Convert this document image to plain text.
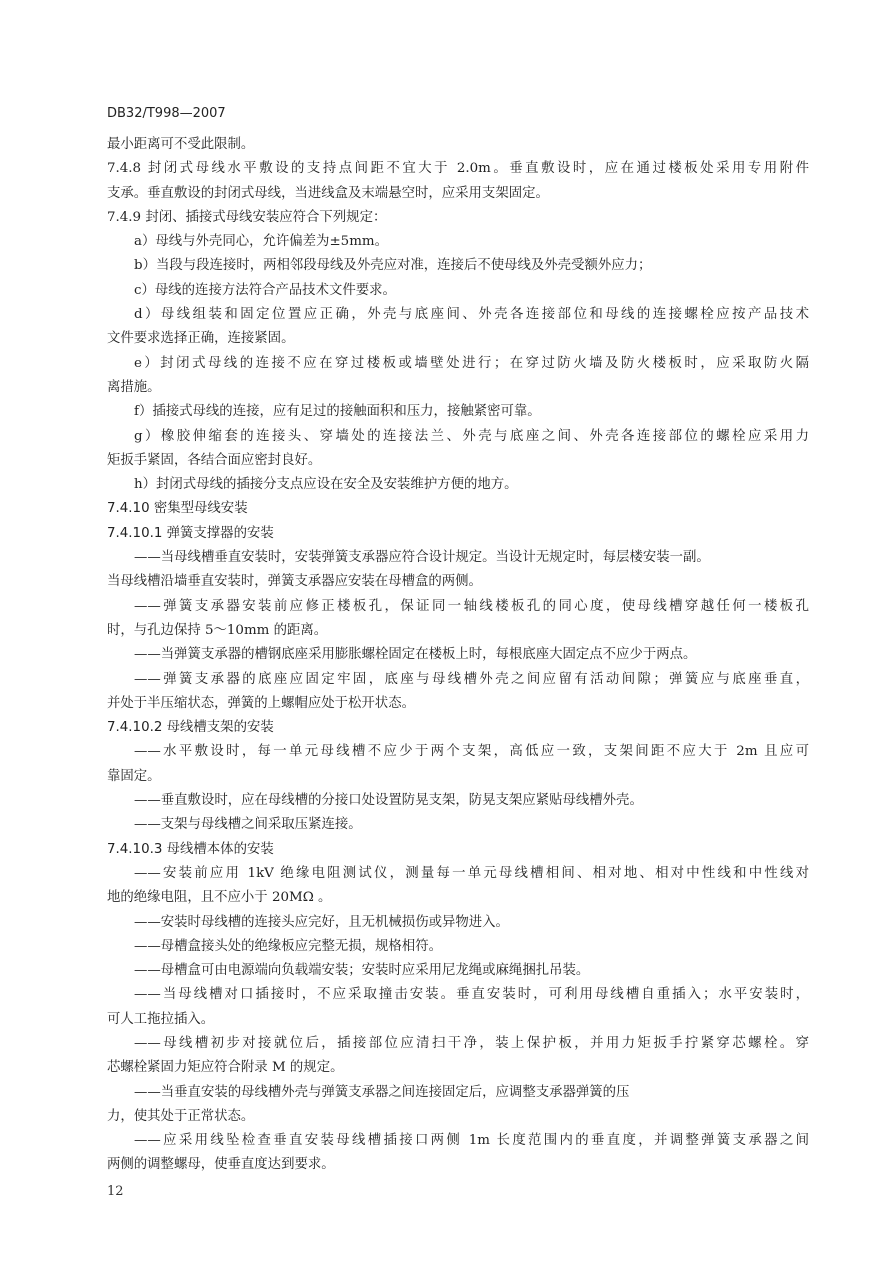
DB32/T998—2007
最小距离可不受此限制。
7.4.8 封闭式母线水平敷设的支持点间距不宜大于 2.0m。垂直敷设时，应在通过楼板处采用专用附件
支承。垂直敷设的封闭式母线，当进线盒及末端悬空时，应采用支架固定。
7.4.9 封闭、插接式母线安装应符合下列规定：
a）母线与外壳同心，允许偏差为±5mm。
b）当段与段连接时，两相邻段母线及外壳应对准，连接后不使母线及外壳受额外应力；
c）母线的连接方法符合产品技术文件要求。
d）母线组装和固定位置应正确，外壳与底座间、外壳各连接部位和母线的连接螺栓应按产品技术
文件要求选择正确，连接紧固。
e）封闭式母线的连接不应在穿过楼板或墙壁处进行；在穿过防火墙及防火楼板时，应采取防火隔
离措施。
f）插接式母线的连接，应有足过的接触面积和压力，接触紧密可靠。
g）橡胶伸缩套的连接头、穿墙处的连接法兰、外壳与底座之间、外壳各连接部位的螺栓应采用力
矩扳手紧固，各结合面应密封良好。
h）封闭式母线的插接分支点应设在安全及安装维护方便的地方。
7.4.10 密集型母线安装
7.4.10.1 弹簧支撑器的安装
——当母线槽垂直安装时，安装弹簧支承器应符合设计规定。当设计无规定时，每层楼安装一副。
当母线槽沿墙垂直安装时，弹簧支承器应安装在母槽盒的两侧。
——弹簧支承器安装前应修正楼板孔，保证同一轴线楼板孔的同心度，使母线槽穿越任何一楼板孔
时，与孔边保持 5～10mm 的距离。
——当弹簧支承器的槽钢底座采用膨胀螺栓固定在楼板上时，每根底座大固定点不应少于两点。
——弹簧支承器的底座应固定牢固，底座与母线槽外壳之间应留有活动间隙；弹簧应与底座垂直，
并处于半压缩状态，弹簧的上螺帽应处于松开状态。
7.4.10.2 母线槽支架的安装
——水平敷设时，每一单元母线槽不应少于两个支架，高低应一致，支架间距不应大于 2m 且应可
靠固定。
——垂直敷设时，应在母线槽的分接口处设置防晃支架，防晃支架应紧贴母线槽外壳。
——支架与母线槽之间采取压紧连接。
7.4.10.3 母线槽本体的安装
——安装前应用 1kV 绝缘电阻测试仪，测量每一单元母线槽相间、相对地、相对中性线和中性线对
地的绝缘电阻，且不应小于 20MΩ 。
——安装时母线槽的连接头应完好，且无机械损伤或异物进入。
——母槽盒接头处的绝缘板应完整无损，规格相符。
——母槽盒可由电源端向负载端安装；安装时应采用尼龙绳或麻绳捆扎吊装。
——当母线槽对口插接时，不应采取撞击安装。垂直安装时，可利用母线槽自重插入；水平安装时，
可人工拖拉插入。
——母线槽初步对接就位后，插接部位应清扫干净，装上保护板，并用力矩扳手拧紧穿芯螺栓。穿
芯螺栓紧固力矩应符合附录 M 的规定。
——当垂直安装的母线槽外壳与弹簧支承器之间连接固定后，应调整支承器弹簧的压
力，使其处于正常状态。
——应采用线坠检查垂直安装母线槽插接口两侧 1m 长度范围内的垂直度，并调整弹簧支承器之间
两侧的调整螺母，使垂直度达到要求。
12
